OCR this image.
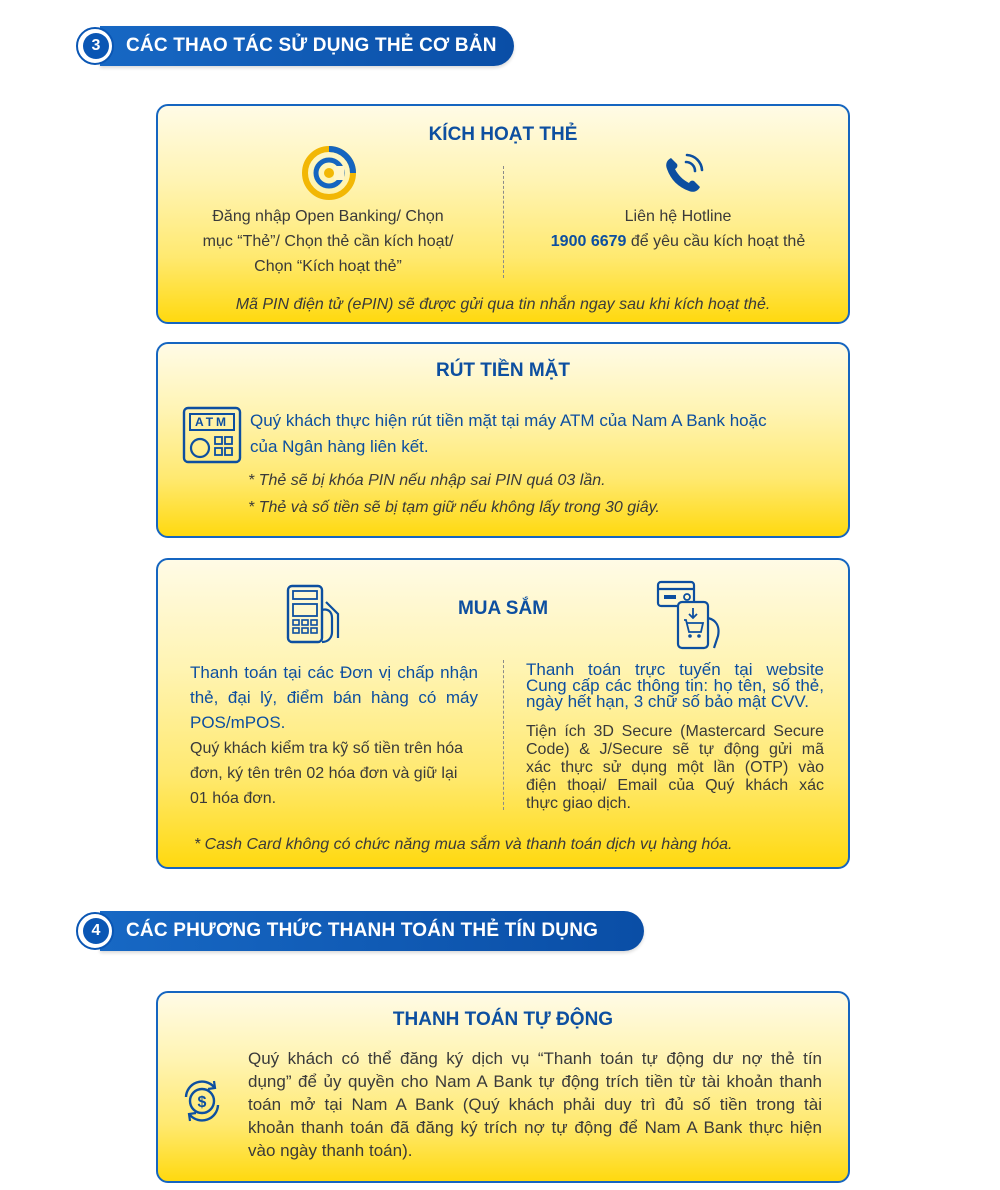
CÁC THAO TÁC SỬ DỤNG THẺ CƠ BẢN
3
KÍCH HOẠT THẺ
Đăng nhập Open Banking/ Chọn
mục “Thẻ”/ Chọn thẻ cần kích hoạt/
Chọn “Kích hoạt thẻ”
Liên hệ Hotline
1900 6679 để yêu cầu kích hoạt thẻ
Mã PIN điện tử (ePIN) sẽ được gửi qua tin nhắn ngay sau khi kích hoạt thẻ.
RÚT TIỀN MẶT
ATM Quý khách thực hiện rút tiền mặt tại máy ATM của Nam A Bank hoặc
của Ngân hàng liên kết.
* Thẻ sẽ bị khóa PIN nếu nhập sai PIN quá 03 lần.
* Thẻ và số tiền sẽ bị tạm giữ nếu không lấy trong 30 giây.
MUA SẮM
Thanh toán tại các Đơn vị chấp nhận
thẻ, đại lý, điểm bán hàng có máy
POS/mPOS.
Quý khách kiểm tra kỹ số tiền trên hóa
đơn, ký tên trên 02 hóa đơn và giữ lại
01 hóa đơn.
Thanh toán trực tuyến tại website
Cung cấp các thông tin: họ tên, số thẻ,
ngày hết hạn, 3 chữ số bảo mật CVV.
Tiện ích 3D Secure (Mastercard Secure
Code) & J/Secure sẽ tự động gửi mã
xác thực sử dụng một lần (OTP) vào
điện thoại/ Email của Quý khách xác
thực giao dịch.
* Cash Card không có chức năng mua sắm và thanh toán dịch vụ hàng hóa.
CÁC PHƯƠNG THỨC THANH TOÁN THẺ TÍN DỤNG
4
THANH TOÁN TỰ ĐỘNG
$
Quý khách có thể đăng ký dịch vụ “Thanh toán tự động dư nợ thẻ tín
dụng” để ủy quyền cho Nam A Bank tự động trích tiền từ tài khoản thanh
toán mở tại Nam A Bank (Quý khách phải duy trì đủ số tiền trong tài
khoản thanh toán đã đăng ký trích nợ tự động để Nam A Bank thực hiện
vào ngày thanh toán).
